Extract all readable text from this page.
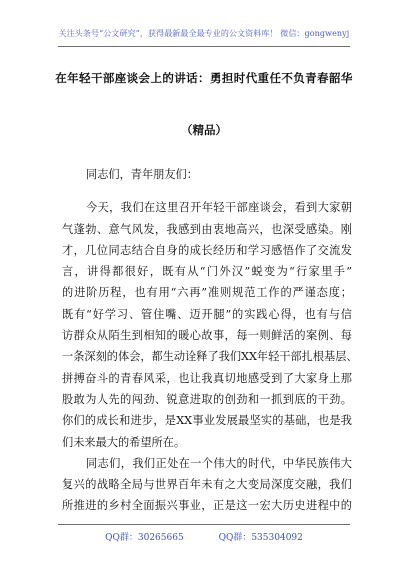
关注头条号“公文研究”，获得最新最全最专业的公文资料库！ 微信：gongwenyj
在年轻干部座谈会上的讲话：勇担时代重任不负青春韶华
（精品）
同志们，青年朋友们：
今天，我们在这里召开年轻干部座谈会，看到大家朝
气蓬勃、意气风发，我感到由衷地高兴，也深受感染。刚
才，几位同志结合自身的成长经历和学习感悟作了交流发
言，讲得都很好，既有从“门外汉”蜕变为“行家里手”
的进阶历程，也有用“六再”准则规范工作的严谨态度；
既有“好学习、管住嘴、迈开腿”的实践心得，也有与信
访群众从陌生到相知的暖心故事，每一则鲜活的案例、每
一条深刻的体会，都生动诠释了我们XX年轻干部扎根基层、
拼搏奋斗的青春风采，也让我真切地感受到了大家身上那
股敢为人先的闯劲、锐意进取的创劲和一抓到底的干劲。
你们的成长和进步，是XX事业发展最坚实的基础，也是我
们未来最大的希望所在。
同志们，我们正处在一个伟大的时代，中华民族伟大
复兴的战略全局与世界百年未有之大变局深度交融，我们
所推进的乡村全面振兴事业，正是这一宏大历史进程中的
QQ群：30265665	QQ群：535304092
